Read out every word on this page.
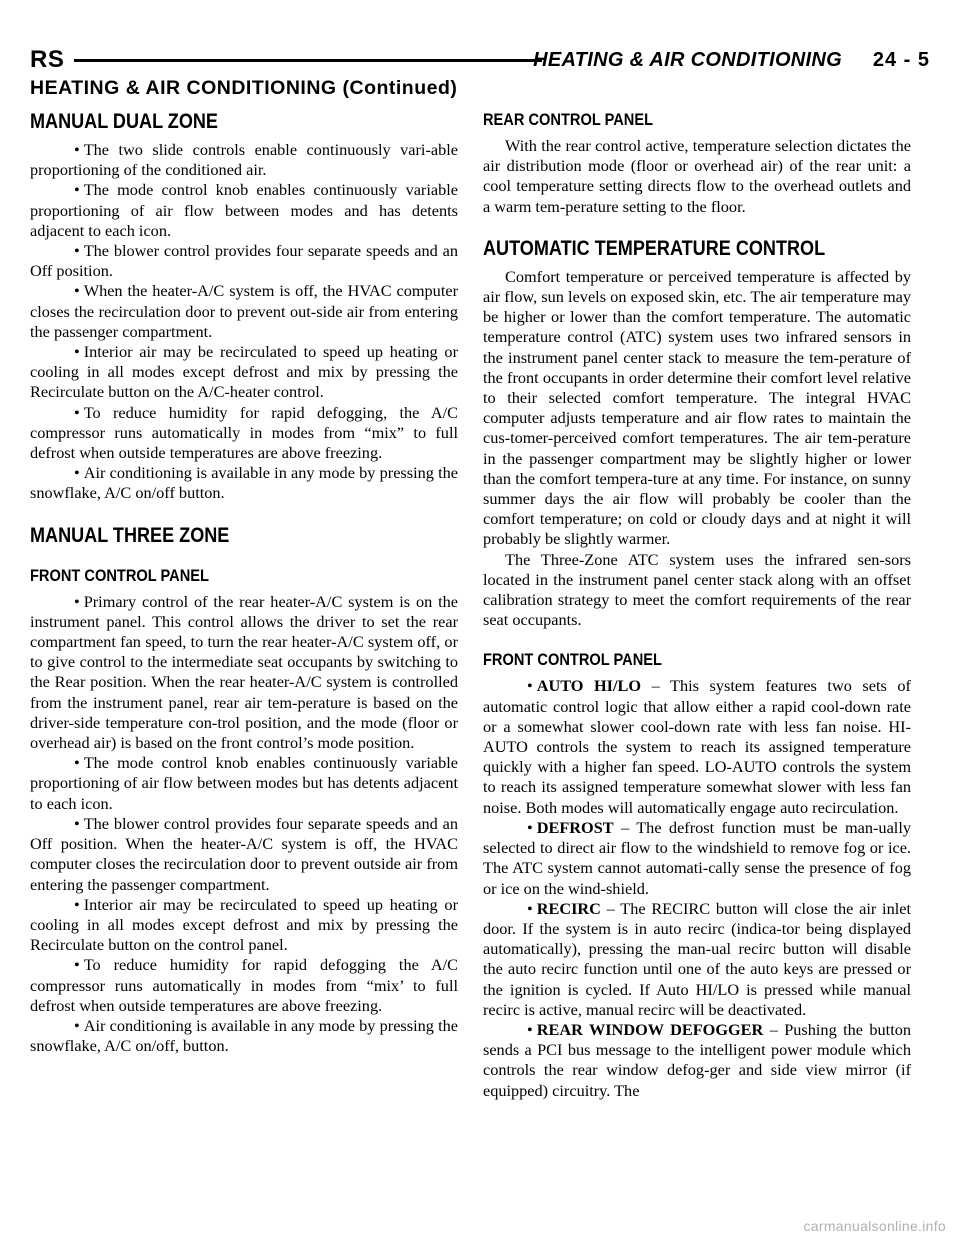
RS	HEATING & AIR CONDITIONING 24 - 5
HEATING & AIR CONDITIONING (Continued)
MANUAL DUAL ZONE

• The two slide controls enable continuously vari-able proportioning of the conditioned air.

• The mode control knob enables continuously variable proportioning of air flow between modes and has detents adjacent to each icon.

• The blower control provides four separate speeds and an Off position.

• When the heater-A/C system is off, the HVAC computer closes the recirculation door to prevent out-side air from entering the passenger compartment.

• Interior air may be recirculated to speed up heating or cooling in all modes except defrost and mix by pressing the Recirculate button on the A/C-heater control.

• To reduce humidity for rapid defogging, the A/C compressor runs automatically in modes from “mix” to full defrost when outside temperatures are above freezing.

• Air conditioning is available in any mode by pressing the snowflake, A/C on/off button.

MANUAL THREE ZONE
FRONT CONTROL PANEL

• Primary control of the rear heater-A/C system is on the instrument panel. This control allows the driver to set the rear compartment fan speed, to turn the rear heater-A/C system off, or to give control to the intermediate seat occupants by switching to the Rear position. When the rear heater-A/C system is controlled from the instrument panel, rear air tem-perature is based on the driver-side temperature con-trol position, and the mode (floor or overhead air) is based on the front control’s mode position.

• The mode control knob enables continuously variable proportioning of air flow between modes but has detents adjacent to each icon.

• The blower control provides four separate speeds and an Off position. When the heater-A/C system is off, the HVAC computer closes the recirculation door to prevent outside air from entering the passenger compartment.

• Interior air may be recirculated to speed up heating or cooling in all modes except defrost and mix by pressing the Recirculate button on the control panel.

• To reduce humidity for rapid defogging the A/C compressor runs automatically in modes from “mix’ to full defrost when outside temperatures are above freezing.

• Air conditioning is available in any mode by pressing the snowflake, A/C on/off, button.

REAR CONTROL PANEL

With the rear control active, temperature selection dictates the air distribution mode (floor or overhead air) of the rear unit: a cool temperature setting directs flow to the overhead outlets and a warm tem-perature setting to the floor.

AUTOMATIC TEMPERATURE CONTROL

Comfort temperature or perceived temperature is affected by air flow, sun levels on exposed skin, etc. The air temperature may be higher or lower than the comfort temperature. The automatic temperature control (ATC) system uses two infrared sensors in the instrument panel center stack to measure the tem-perature of the front occupants in order determine their comfort level relative to their selected comfort temperature. The integral HVAC computer adjusts temperature and air flow rates to maintain the cus-tomer-perceived comfort temperatures. The air tem-perature in the passenger compartment may be slightly higher or lower than the comfort tempera-ture at any time. For instance, on sunny summer days the air flow will probably be cooler than the comfort temperature; on cold or cloudy days and at night it will probably be slightly warmer.

The Three-Zone ATC system uses the infrared sen-sors located in the instrument panel center stack along with an offset calibration strategy to meet the comfort requirements of the rear seat occupants.

FRONT CONTROL PANEL

• AUTO HI/LO – This system features two sets of automatic control logic that allow either a rapid cool-down rate or a somewhat slower cool-down rate with less fan noise. HI-AUTO controls the system to reach its assigned temperature quickly with a higher fan speed. LO-AUTO controls the system to reach its assigned temperature somewhat slower with less fan noise. Both modes will automatically engage auto recirculation.

• DEFROST – The defrost function must be man-ually selected to direct air flow to the windshield to remove fog or ice. The ATC system cannot automati-cally sense the presence of fog or ice on the wind-shield.

• RECIRC – The RECIRC button will close the air inlet door. If the system is in auto recirc (indica-tor being displayed automatically), pressing the man-ual recirc button will disable the auto recirc function until one of the auto keys are pressed or the ignition is cycled. If Auto HI/LO is pressed while manual recirc is active, manual recirc will be deactivated.

• REAR WINDOW DEFOGGER – Pushing the button sends a PCI bus message to the intelligent power module which controls the rear window defog-ger and side view mirror (if equipped) circuitry. The

carmanualsonline.info
